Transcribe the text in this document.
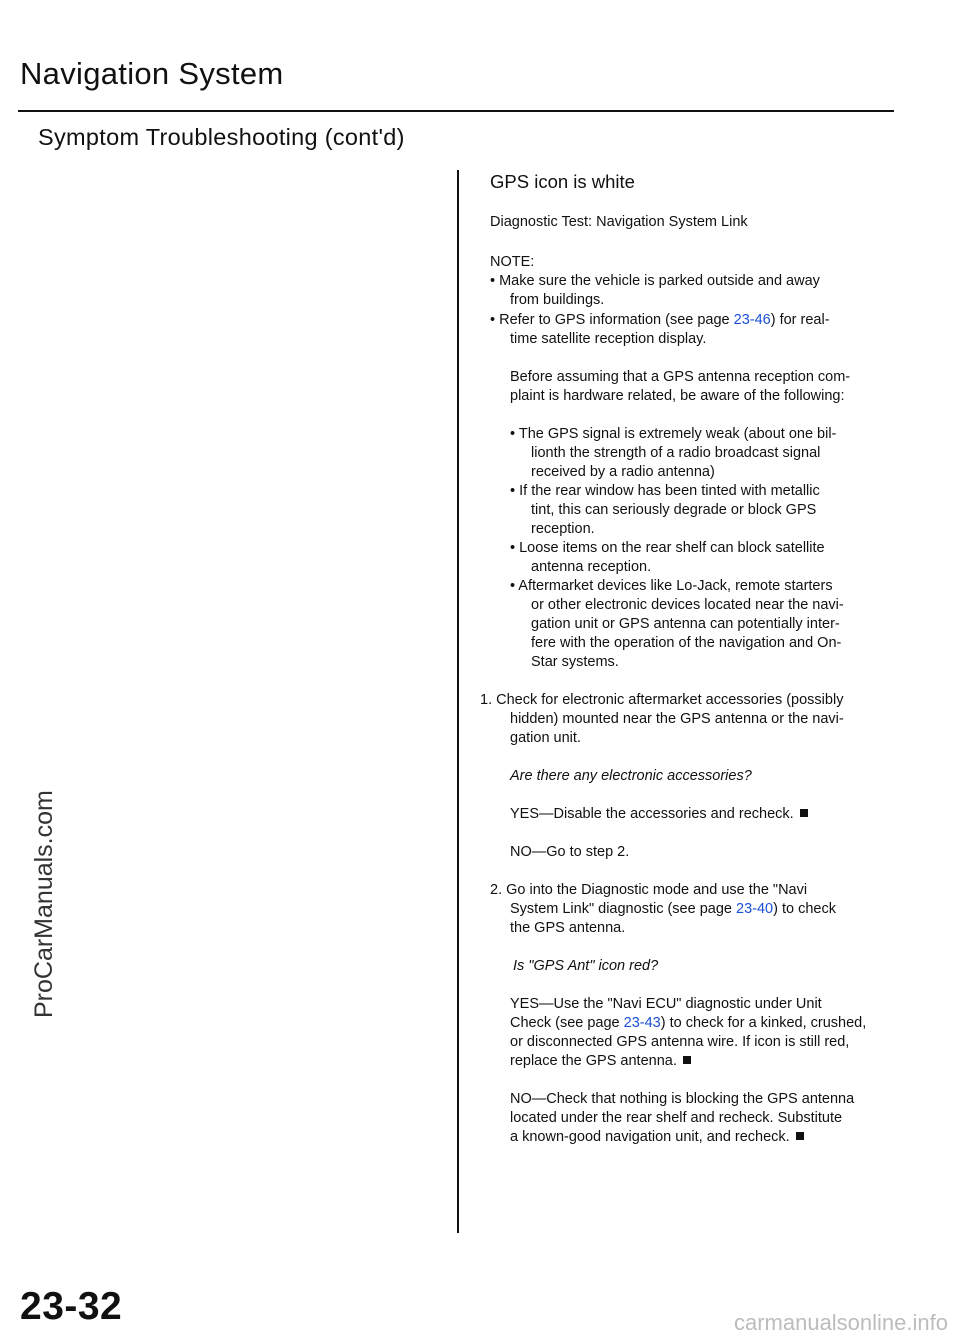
Navigation System
Symptom Troubleshooting (cont'd)
ProCarManuals.com
GPS icon is white
Diagnostic Test: Navigation System Link
NOTE:
• Make sure the vehicle is parked outside and away
from buildings.
• Refer to GPS information (see page 23-46) for real-
time satellite reception display.
Before assuming that a GPS antenna reception com-
plaint is hardware related, be aware of the following:
• The GPS signal is extremely weak (about one bil-
lionth the strength of a radio broadcast signal
received by a radio antenna)
• If the rear window has been tinted with metallic
tint, this can seriously degrade or block GPS
reception.
• Loose items on the rear shelf can block satellite
antenna reception.
• Aftermarket devices like Lo-Jack, remote starters
or other electronic devices located near the navi-
gation unit or GPS antenna can potentially inter-
fere with the operation of the navigation and On-
Star systems.
1. Check for electronic aftermarket accessories (possibly
hidden) mounted near the GPS antenna or the navi-
gation unit.
Are there any electronic accessories?
YES—Disable the accessories and recheck.
NO—Go to step 2.
2. Go into the Diagnostic mode and use the "Navi
System Link" diagnostic (see page 23-40) to check
the GPS antenna.
Is "GPS Ant" icon red?
YES—Use the "Navi ECU" diagnostic under Unit
Check (see page 23-43) to check for a kinked, crushed,
or disconnected GPS antenna wire. If icon is still red,
replace the GPS antenna.
NO—Check that nothing is blocking the GPS antenna
located under the rear shelf and recheck. Substitute
a known-good navigation unit, and recheck.
23-32	carmanualsonline.info
